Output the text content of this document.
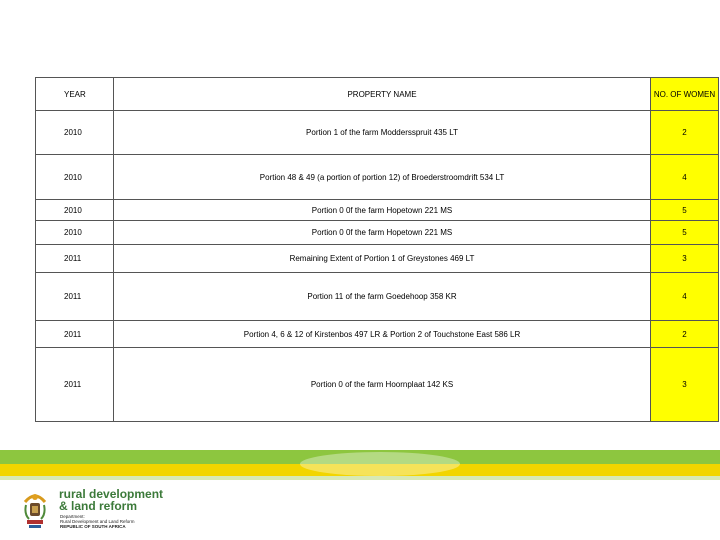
YEAR	PROPERTY NAME	NO. OF WOMEN
2010	Portion 1 of the farm Moddersspruit 435 LT	2
2010	Portion 48 & 49 (a portion of portion 12) of Broederstroomdrift 534 LT	4
2010	Portion 0 0f the farm Hopetown 221 MS	5
2010	Portion 0 0f the farm Hopetown 221 MS	5
2011	Remaining Extent of Portion 1 of Greystones 469 LT	3
2011	Portion 11 of the farm Goedehoop 358 KR	4
2011	Portion 4, 6 & 12 of Kirstenbos 497 LR & Portion 2 of Touchstone East 586 LR	2
2011	Portion 0 of the farm Hoornplaat 142 KS	3
rural development
& land reform
Department:
Rural Development and Land Reform
REPUBLIC OF SOUTH AFRICA
